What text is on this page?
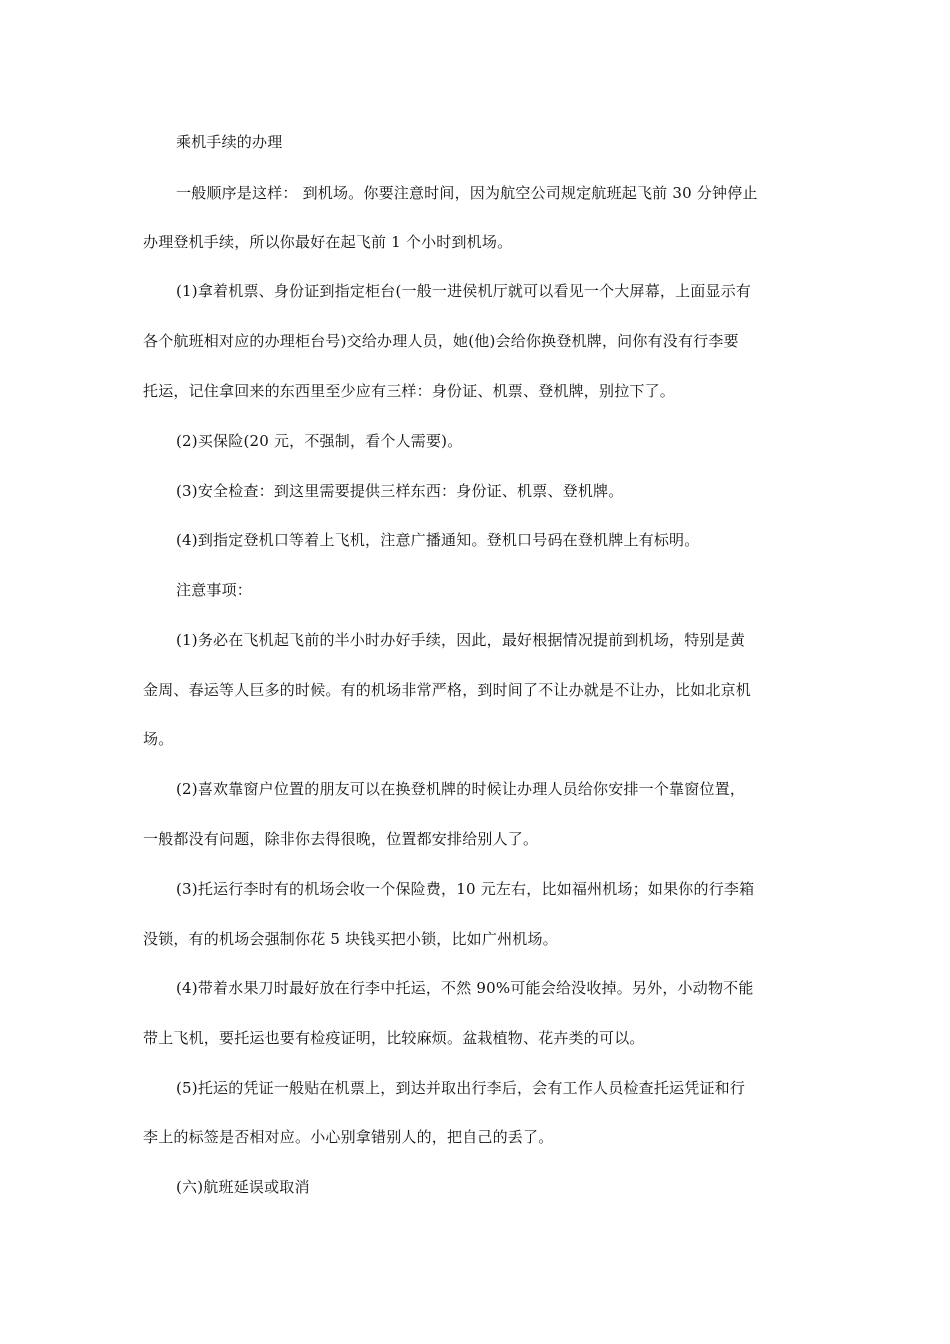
乘机手续的办理
一般顺序是这样： 到机场。你要注意时间，因为航空公司规定航班起飞前 30 分钟停止
办理登机手续，所以你最好在起飞前 1 个小时到机场。
(1)拿着机票、身份证到指定柜台(一般一进侯机厅就可以看见一个大屏幕，上面显示有
各个航班相对应的办理柜台号)交给办理人员，她(他)会给你换登机牌，问你有没有行李要
托运，记住拿回来的东西里至少应有三样：身份证、机票、登机牌，别拉下了。
(2)买保险(20 元，不强制，看个人需要)。
(3)安全检查：到这里需要提供三样东西：身份证、机票、登机牌。
(4)到指定登机口等着上飞机，注意广播通知。登机口号码在登机牌上有标明。
注意事项：
(1)务必在飞机起飞前的半小时办好手续，因此，最好根据情况提前到机场，特别是黄
金周、春运等人巨多的时候。有的机场非常严格，到时间了不让办就是不让办，比如北京机
场。
(2)喜欢靠窗户位置的朋友可以在换登机牌的时候让办理人员给你安排一个靠窗位置，
一般都没有问题，除非你去得很晚，位置都安排给别人了。
(3)托运行李时有的机场会收一个保险费，10 元左右，比如福州机场；如果你的行李箱
没锁，有的机场会强制你花 5 块钱买把小锁，比如广州机场。
(4)带着水果刀时最好放在行李中托运，不然 90%可能会给没收掉。另外，小动物不能
带上飞机，要托运也要有检疫证明，比较麻烦。盆栽植物、花卉类的可以。
(5)托运的凭证一般贴在机票上，到达并取出行李后，会有工作人员检查托运凭证和行
李上的标签是否相对应。小心别拿错别人的，把自己的丢了。
(六)航班延误或取消
